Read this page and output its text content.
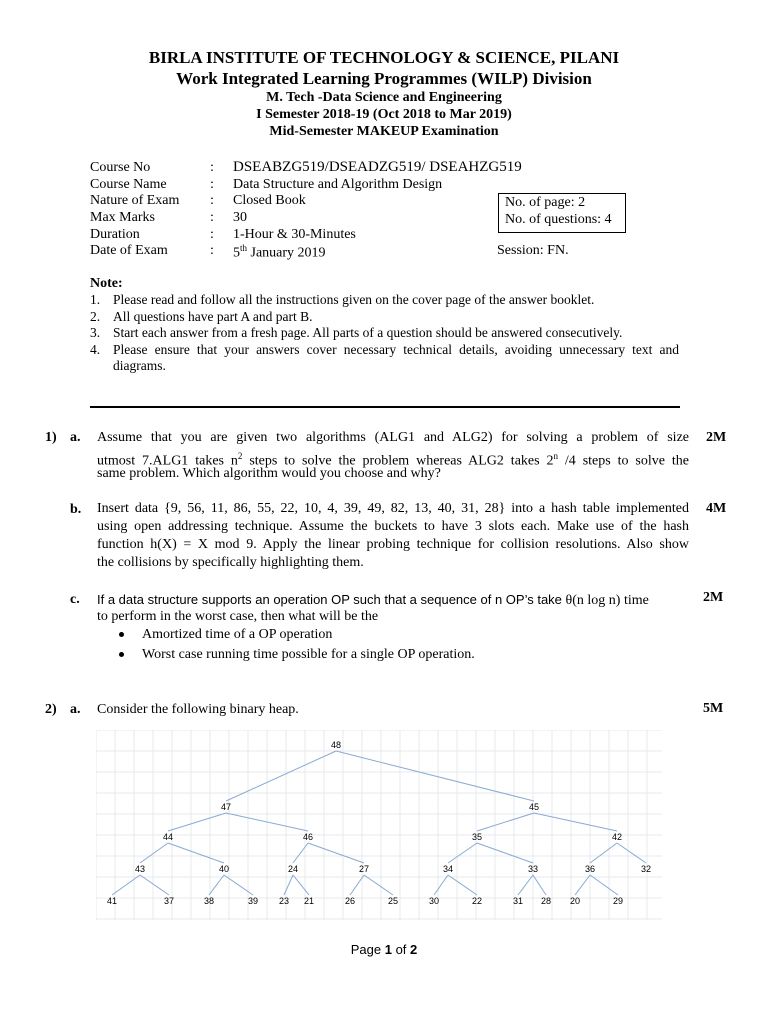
BIRLA INSTITUTE OF TECHNOLOGY & SCIENCE, PILANI
Work Integrated Learning Programmes (WILP) Division
M. Tech -Data Science and Engineering
I Semester 2018-19 (Oct 2018 to Mar 2019)
Mid-Semester MAKEUP Examination
Course No	: DSEABZG519/DSEADZG519/ DSEAHZG519
Course Name	: Data Structure and Algorithm Design
Nature of Exam : Closed Book
Max Marks	: 30
Duration	: 1-Hour & 30-Minutes
Date of Exam	: 5th January 2019
No. of page: 2
No. of questions: 4
Session: FN.
Note:
1. Please read and follow all the instructions given on the cover page of the answer booklet.
2. All questions have part A and part B.
3. Start each answer from a fresh page. All parts of a question should be answered consecutively.
4. Please ensure that your answers cover necessary technical details, avoiding unnecessary text and
diagrams.
1) a. Assume that you are given two algorithms (ALG1 and ALG2) for solving a problem of size
utmost 7.ALG1 takes $n^2$ steps to solve the problem whereas ALG2 takes 2$^n$ /4 steps to solve the
same problem. Which algorithm would you choose and why?
2M
b. Insert data {9, 56, 11, 86, 55, 22, 10, 4, 39, 49, 82, 13, 40, 31, 28} into a hash table implemented
using open addressing technique. Assume the buckets to have 3 slots each. Make use of the hash
function h(X) = X mod 9. Apply the linear probing technique for collision resolutions. Also show
the collisions by specifically highlighting them.
4M
c. If a data structure supports an operation OP such that a sequence of n OP’s take θ(n log n) time
to perform in the worst case, then what will be the
Amortized time of a OP operation
Worst case running time possible for a single OP operation.
2M
2) a. Consider the following binary heap.	5M
48
47	45
44	46	35	42
43	40	24	27	34	33	36	32
41	37	38	39 23 21	26	25	30	22	31 28 20	29
Page 1 of 2
